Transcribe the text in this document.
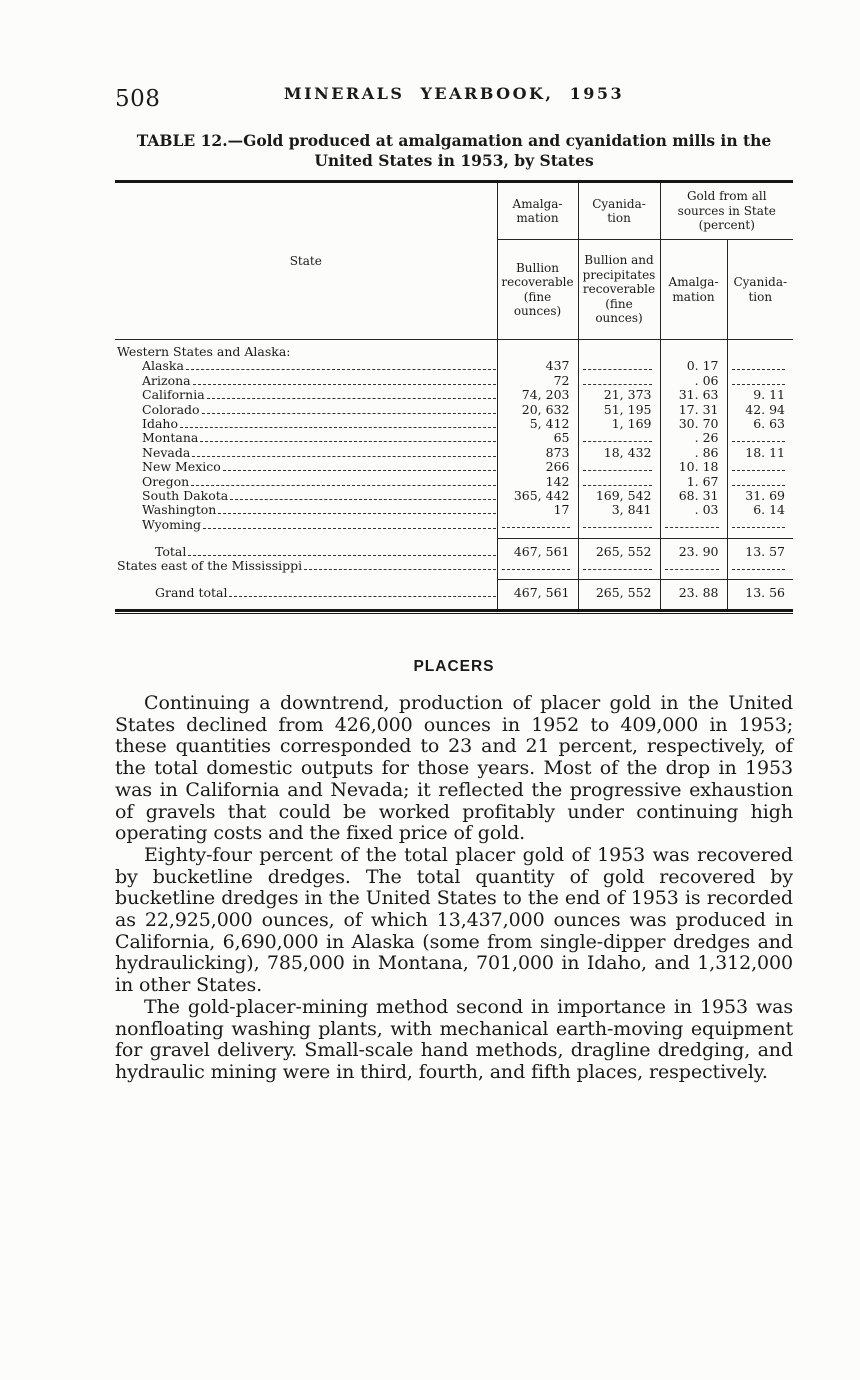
508	MINERALS YEARBOOK, 1953
TABLE 12.—Gold produced at amalgamation and cyanidation mills in the United States in 1953, by States
State	Amalga-mation	Cyanida-tion	Gold from all sources in State (percent)	
	Bullion recoverable (fine ounces)	Bullion and precipitates recoverable (fine ounces)	Amalga-mation	Cyanida-tion

Western States and Alaska:				

Alaska	437		0. 17	

Arizona	72		. 06	

California	74, 203	21, 373	31. 63	9. 11

Colorado	20, 632	51, 195	17. 31	42. 94

Idaho	5, 412	1, 169	30. 70	6. 63

Montana	65		. 26	

Nevada	873	18, 432	. 86	18. 11

New Mexico	266		10. 18	

Oregon	142		1. 67	

South Dakota	365, 442	169, 542	68. 31	31. 69

Washington	17	3, 841	. 03	6. 14

Wyoming				

Total	467, 561	265, 552	23. 90	13. 57

States east of the Mississippi				

Grand total	467, 561	265, 552	23. 88	13. 56
PLACERS

Continuing a downtrend, production of placer gold in the United States declined from 426,000 ounces in 1952 to 409,000 in 1953; these quantities corresponded to 23 and 21 percent, respectively, of the total domestic outputs for those years. Most of the drop in 1953 was in California and Nevada; it reflected the progressive exhaustion of gravels that could be worked profitably under continuing high operating costs and the fixed price of gold.

Eighty-four percent of the total placer gold of 1953 was recovered by bucketline dredges. The total quantity of gold recovered by bucketline dredges in the United States to the end of 1953 is recorded as 22,925,000 ounces, of which 13,437,000 ounces was produced in California, 6,690,000 in Alaska (some from single-dipper dredges and hydraulicking), 785,000 in Montana, 701,000 in Idaho, and 1,312,000 in other States.

The gold-placer-mining method second in importance in 1953 was nonfloating washing plants, with mechanical earth-moving equipment for gravel delivery. Small-scale hand methods, dragline dredging, and hydraulic mining were in third, fourth, and fifth places, respectively.
